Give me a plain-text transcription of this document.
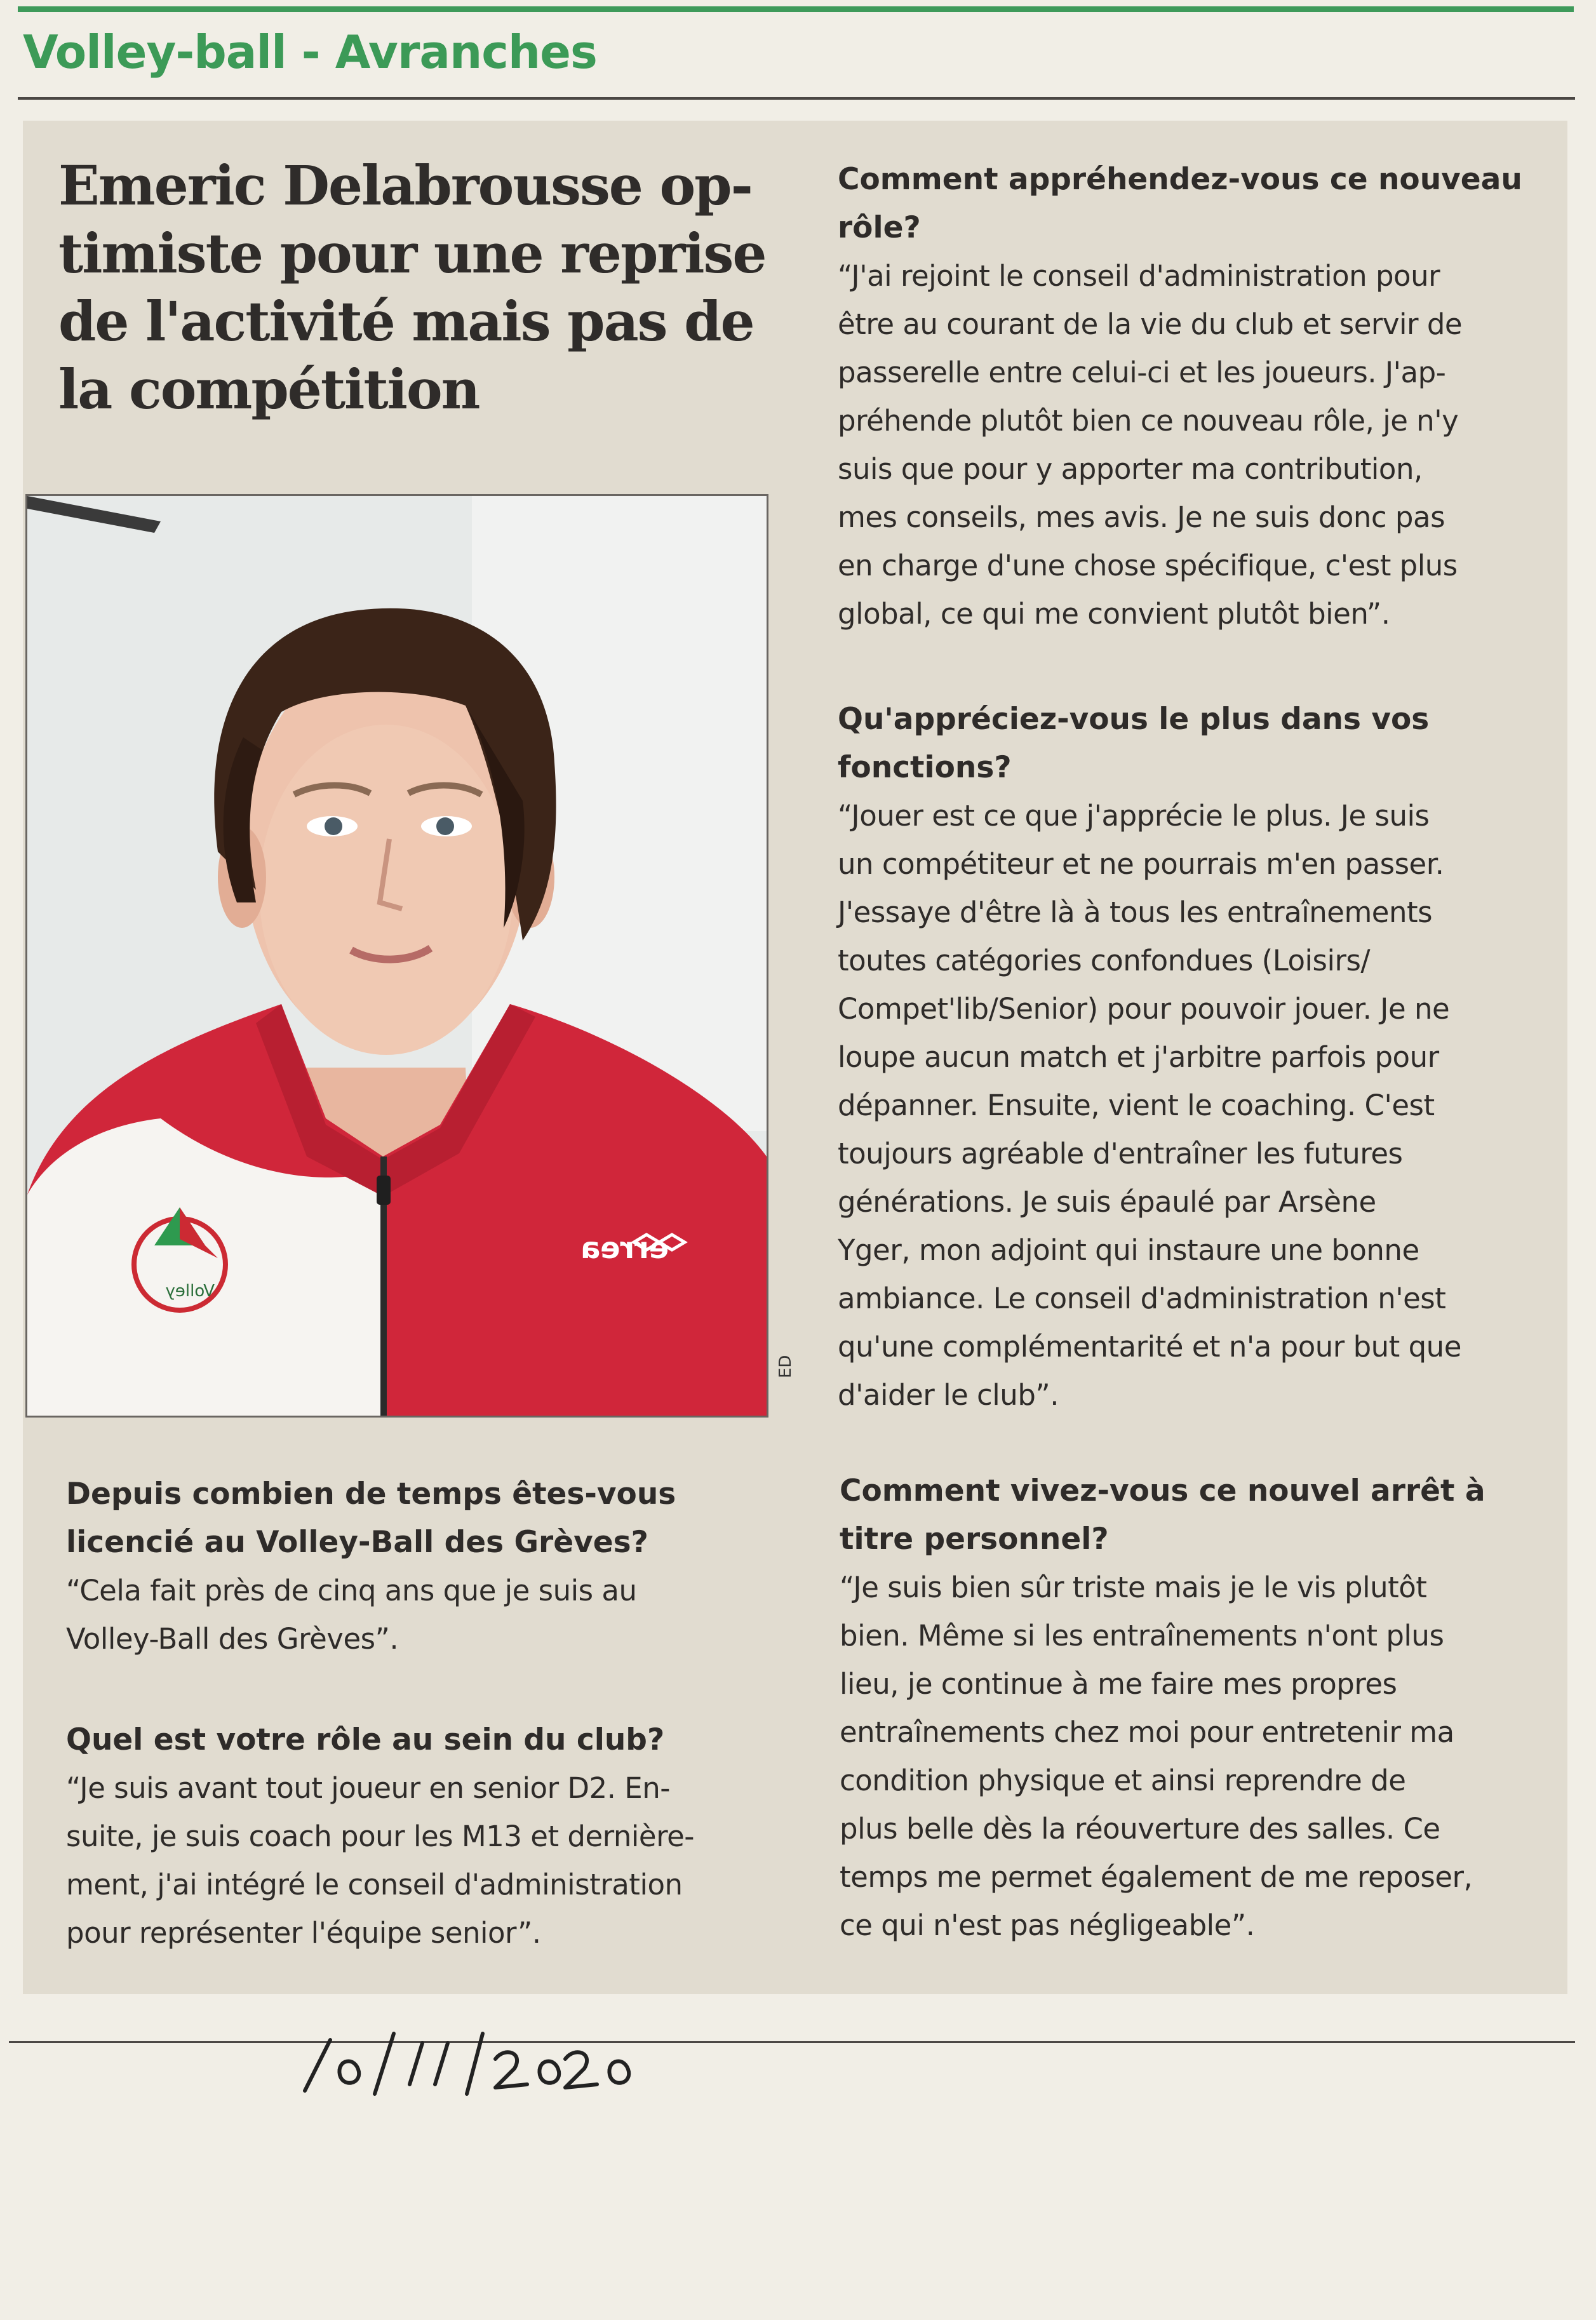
Volley-ball - Avranches
Emeric Delabrousse op-
timiste pour une reprise
de l'activité mais pas de
la compétition
Volley
errea
ED

Depuis combien de temps êtes-vous
licencié au Volley-Ball des Grèves?

“Cela fait près de cinq ans que je suis au
Volley-Ball des Grèves”.

Quel est votre rôle au sein du club?

“Je suis avant tout joueur en senior D2. En-
suite, je suis coach pour les M13 et dernière-
ment, j'ai intégré le conseil d'administration
pour représenter l'équipe senior”.

Comment appréhendez-vous ce nouveau
rôle?

“J'ai rejoint le conseil d'administration pour
être au courant de la vie du club et servir de
passerelle entre celui-ci et les joueurs. J'ap-
préhende plutôt bien ce nouveau rôle, je n'y
suis que pour y apporter ma contribution,
mes conseils, mes avis. Je ne suis donc pas
en charge d'une chose spécifique, c'est plus
global, ce qui me convient plutôt bien”.

Qu'appréciez-vous le plus dans vos
fonctions?

“Jouer est ce que j'apprécie le plus. Je suis
un compétiteur et ne pourrais m'en passer.
J'essaye d'être là à tous les entraînements
toutes catégories confondues (Loisirs/
Compet'lib/Senior) pour pouvoir jouer. Je ne
loupe aucun match et j'arbitre parfois pour
dépanner. Ensuite, vient le coaching. C'est
toujours agréable d'entraîner les futures
générations. Je suis épaulé par Arsène
Yger, mon adjoint qui instaure une bonne
ambiance. Le conseil d'administration n'est
qu'une complémentarité et n'a pour but que
d'aider le club”.

Comment vivez-vous ce nouvel arrêt à
titre personnel?

“Je suis bien sûr triste mais je le vis plutôt
bien. Même si les entraînements n'ont plus
lieu, je continue à me faire mes propres
entraînements chez moi pour entretenir ma
condition physique et ainsi reprendre de
plus belle dès la réouverture des salles. Ce
temps me permet également de me reposer,
ce qui n'est pas négligeable”.
